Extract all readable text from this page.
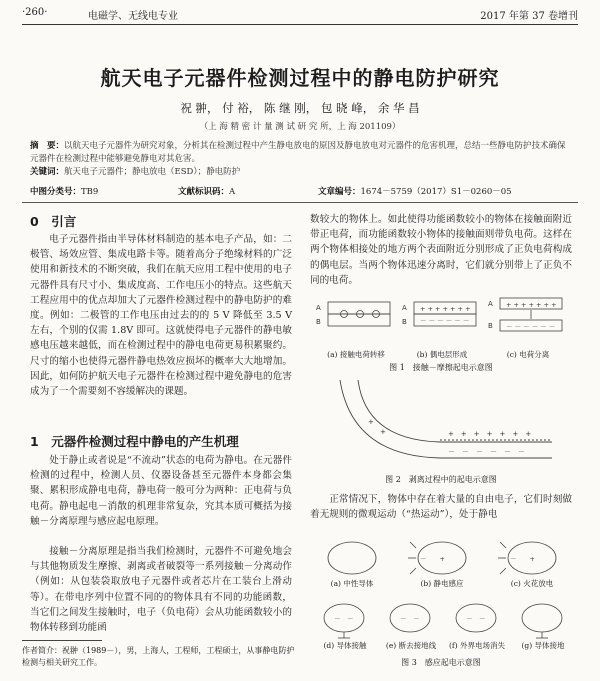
·260·	电磁学、无线电专业	2017 年第 37 卷增刊
航天电子元器件检测过程中的静电防护研究
祝 翀， 付 裕， 陈 继 刚， 包 晓 峰， 余 华 昌
（上 海 精 密 计 量 测 试 研 究 所，上 海 201109）
摘　要：以航天电子元器件为研究对象，分析其在检测过程中产生静电放电的原因及静电放电对元器件的危害机理，总结一些静电防护技术确保元器件在检测过程中能够避免静电对其危害。
关键词：航天电子元器件；静电放电（ESD）；静电防护
中图分类号：TB9	文献标识码：A	文章编号：1674－5759（2017）S1－0260－05
0　引言
电子元器件指由半导体材料制造的基本电子产品，如：二极管、场效应管、集成电路卡等。随着高分子绝缘材料的广泛使用和新技术的不断突破，我们在航天应用工程中使用的电子元器件具有尺寸小、集成度高、工作电压小的特点。这些航天工程应用中的优点却加大了元器件检测过程中的静电防护的难度。例如：二极管的工作电压由过去的的 5 V 降低至 3.5 V 左右，个别的仅需 1.8V 即可。这就使得电子元器件的静电敏感电压越来越低，而在检测过程中的静电电荷更易积累聚约。尺寸的缩小也使得元器件静电热效应损坏的概率大大地增加。因此，如何防护航天电子元器件在检测过程中避免静电的危害成为了一个需要刻不容缓解决的课题。
1　元器件检测过程中静电的产生机理
处于静止或者说是“不流动”状态的电荷为静电。在元器件检测的过程中，检测人员、仪器设备甚至元器件本身都会集聚、累积形成静电电荷，静电荷一般可分为两种：正电荷与负电荷。静电起电－消散的机理非常复杂，究其本质可概括为接触－分离原理与感应起电原理。
接触－分离原理是指当我们检测时，元器件不可避免地会与其他物质发生摩擦、剥离或者破裂等一系列接触－分离动作（例如：从包装袋取放电子元器件或者芯片在工装台上滑动等）。在带电序列中位置不同的的物体具有不同的功能函数，当它们之间发生接触时，电子（负电荷）会从功能函数较小的物体转移到功能函
作者简介：祝翀（1989－），男，上海人，工程师，工程硕士，从事静电防护检测与相关研究工作。
数较大的物体上。如此使得功能函数较小的物体在接触面附近带正电荷，而功能函数较小物体的接触面则带负电荷。这样在两个物体相接处的地方两个表面附近分别形成了正负电荷构成的偶电层。当两个物体迅速分离时，它们就分别带上了正负不同的电荷。
A
B
A
B
A
B
+ + + + + + +
－ － － － － －
+ + + + + + +
－ － － － － －
(a) 接触电荷转移	(b) 偶电层形成	(c) 电荷分离
图 1　接触－摩擦起电示意图
+　+　+　+　+　+　+
－　－　－　－　－　－
+
+
图 2　剥离过程中的起电示意图
正常情况下，物体中存在着大量的自由电子，它们时刻做着无规则的微观运动（“热运动”），处于静电
－　　+	－　　+
－　－	－　－	－　－
(a) 中性导体	(b) 静电感应	(c) 火花放电
(d) 导体接触	(e) 断去接地线	(f) 外界电场消失	(g) 导体接地
图 3　感应起电示意图
